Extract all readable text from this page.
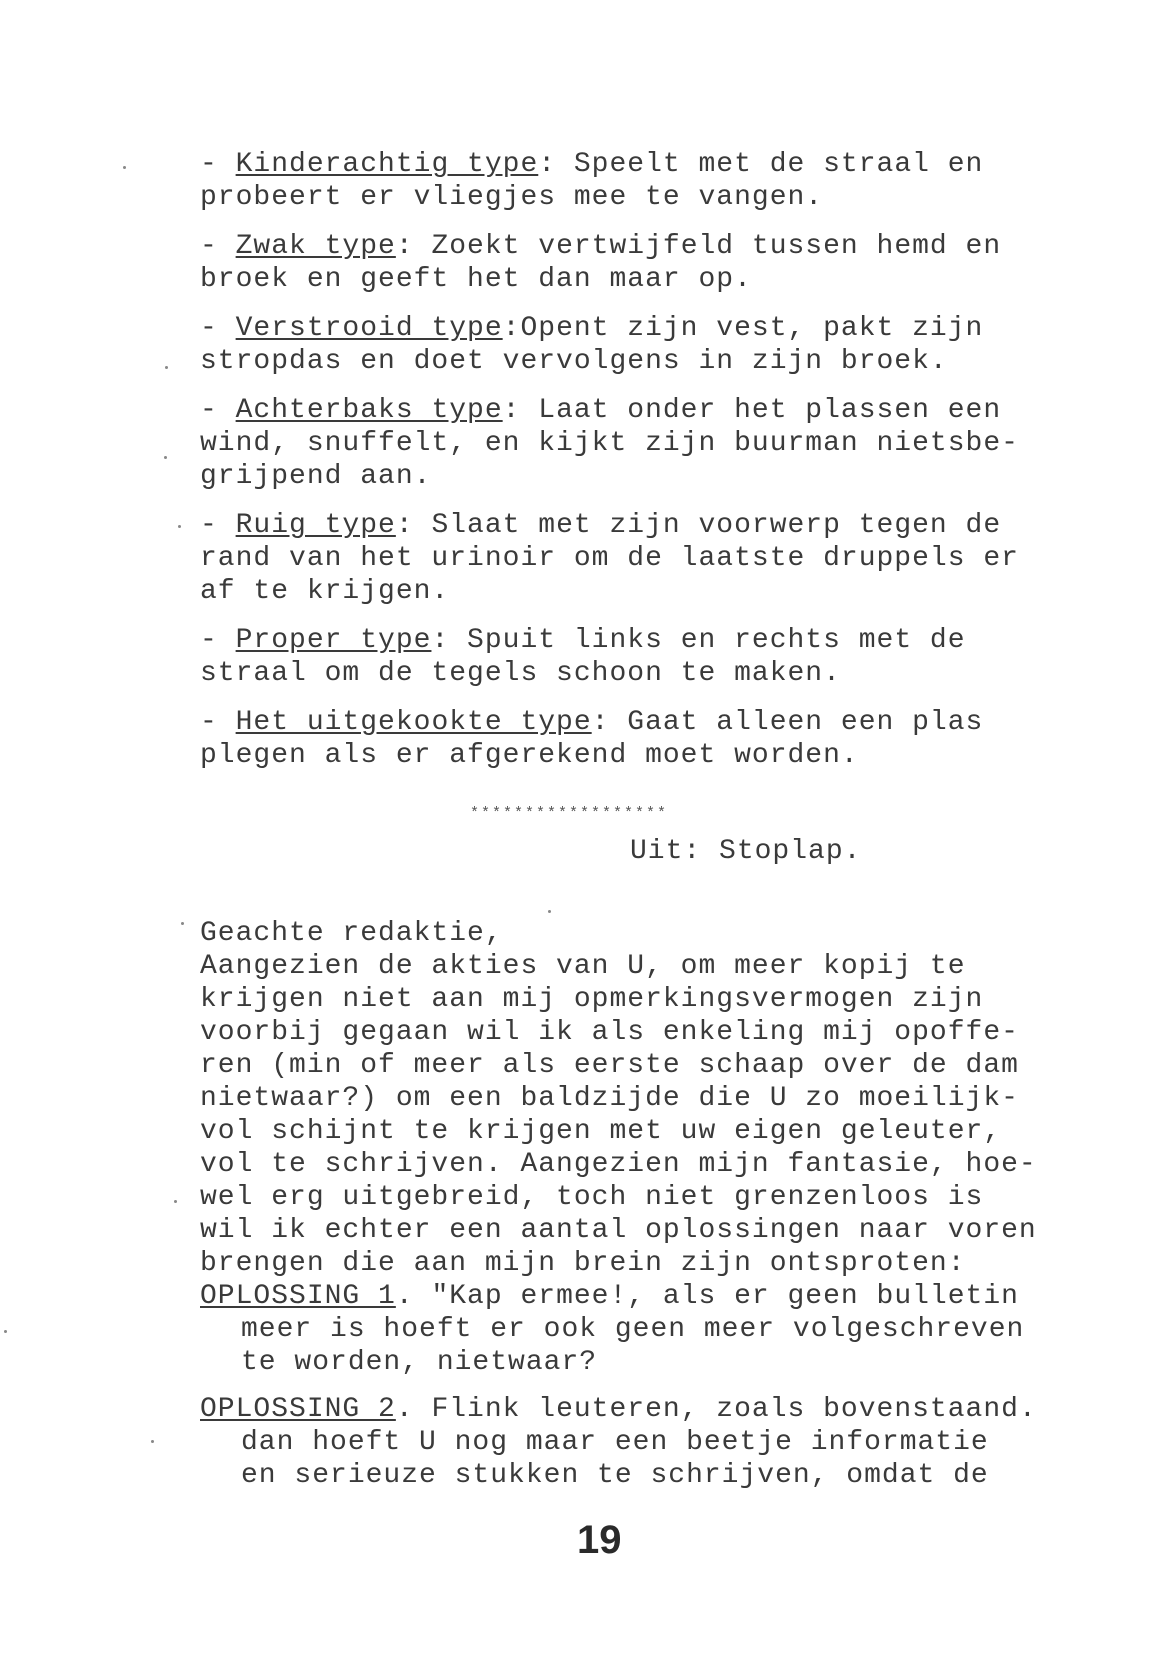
- Kinderachtig type: Speelt met de straal en
probeert er vliegjes mee te vangen.
- Zwak type: Zoekt vertwijfeld tussen hemd en
broek en geeft het dan maar op.
- Verstrooid type:Opent zijn vest, pakt zijn
stropdas en doet vervolgens in zijn broek.
- Achterbaks type: Laat onder het plassen een
wind, snuffelt, en kijkt zijn buurman nietsbe-
grijpend aan.
- Ruig type: Slaat met zijn voorwerp tegen de
rand van het urinoir om de laatste druppels er
af te krijgen.
- Proper type: Spuit links en rechts met de
straal om de tegels schoon te maken.
- Het uitgekookte type: Gaat alleen een plas
plegen als er afgerekend moet worden.
******************
Uit: Stoplap.
Geachte redaktie,
Aangezien de akties van U, om meer kopij te
krijgen niet aan mij opmerkingsvermogen zijn
voorbij gegaan wil ik als enkeling mij opoffe-
ren (min of meer als eerste schaap over de dam
nietwaar?) om een baldzijde die U zo moeilijk-
vol schijnt te krijgen met uw eigen geleuter,
vol te schrijven. Aangezien mijn fantasie, hoe-
wel erg uitgebreid, toch niet grenzenloos is
wil ik echter een aantal oplossingen naar voren
brengen die aan mijn brein zijn ontsproten:
OPLOSSING 1. "Kap ermee!, als er geen bulletin
meer is hoeft er ook geen meer volgeschreven
te worden, nietwaar?
OPLOSSING 2. Flink leuteren, zoals bovenstaand.
dan hoeft U nog maar een beetje informatie
en serieuze stukken te schrijven, omdat de
19
